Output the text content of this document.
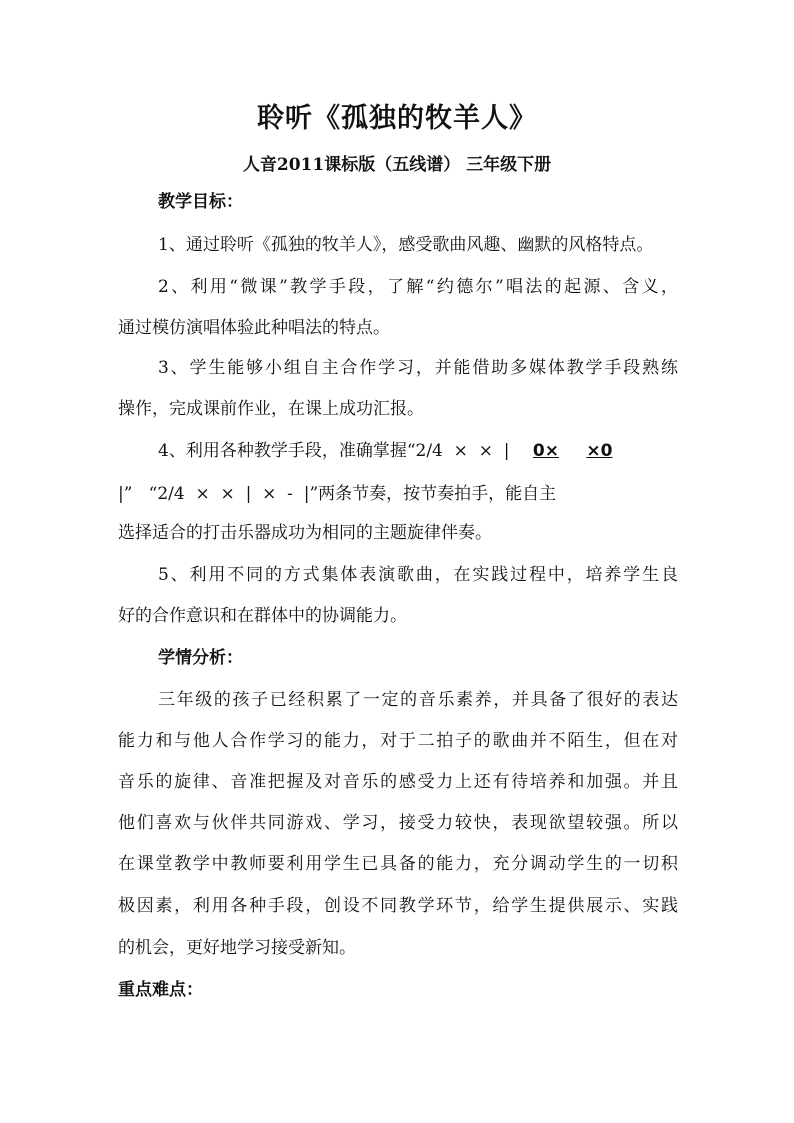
聆听《孤独的牧羊人》
人音2011课标版（五线谱） 三年级下册
教学目标：
1、通过聆听《孤独的牧羊人》，感受歌曲风趣、幽默的风格特点。
2、利用“微课”教学手段，了解“约德尔”唱法的起源、含义，
通过模仿演唱体验此种唱法的特点。
3、学生能够小组自主合作学习，并能借助多媒体教学手段熟练
操作，完成课前作业，在课上成功汇报。
4、利用各种教学手段，准确掌握“2/4  ×  ×  | 0× ×0
|”   “2/4  ×  ×  |  ×  -  |”两条节奏，按节奏拍手，能自主
选择适合的打击乐器成功为相同的主题旋律伴奏。
5、利用不同的方式集体表演歌曲，在实践过程中，培养学生良
好的合作意识和在群体中的协调能力。
学情分析：
三年级的孩子已经积累了一定的音乐素养，并具备了很好的表达
能力和与他人合作学习的能力，对于二拍子的歌曲并不陌生，但在对
音乐的旋律、音准把握及对音乐的感受力上还有待培养和加强。并且
他们喜欢与伙伴共同游戏、学习，接受力较快，表现欲望较强。所以
在课堂教学中教师要利用学生已具备的能力，充分调动学生的一切积
极因素，利用各种手段，创设不同教学环节，给学生提供展示、实践
的机会，更好地学习接受新知。
重点难点：
